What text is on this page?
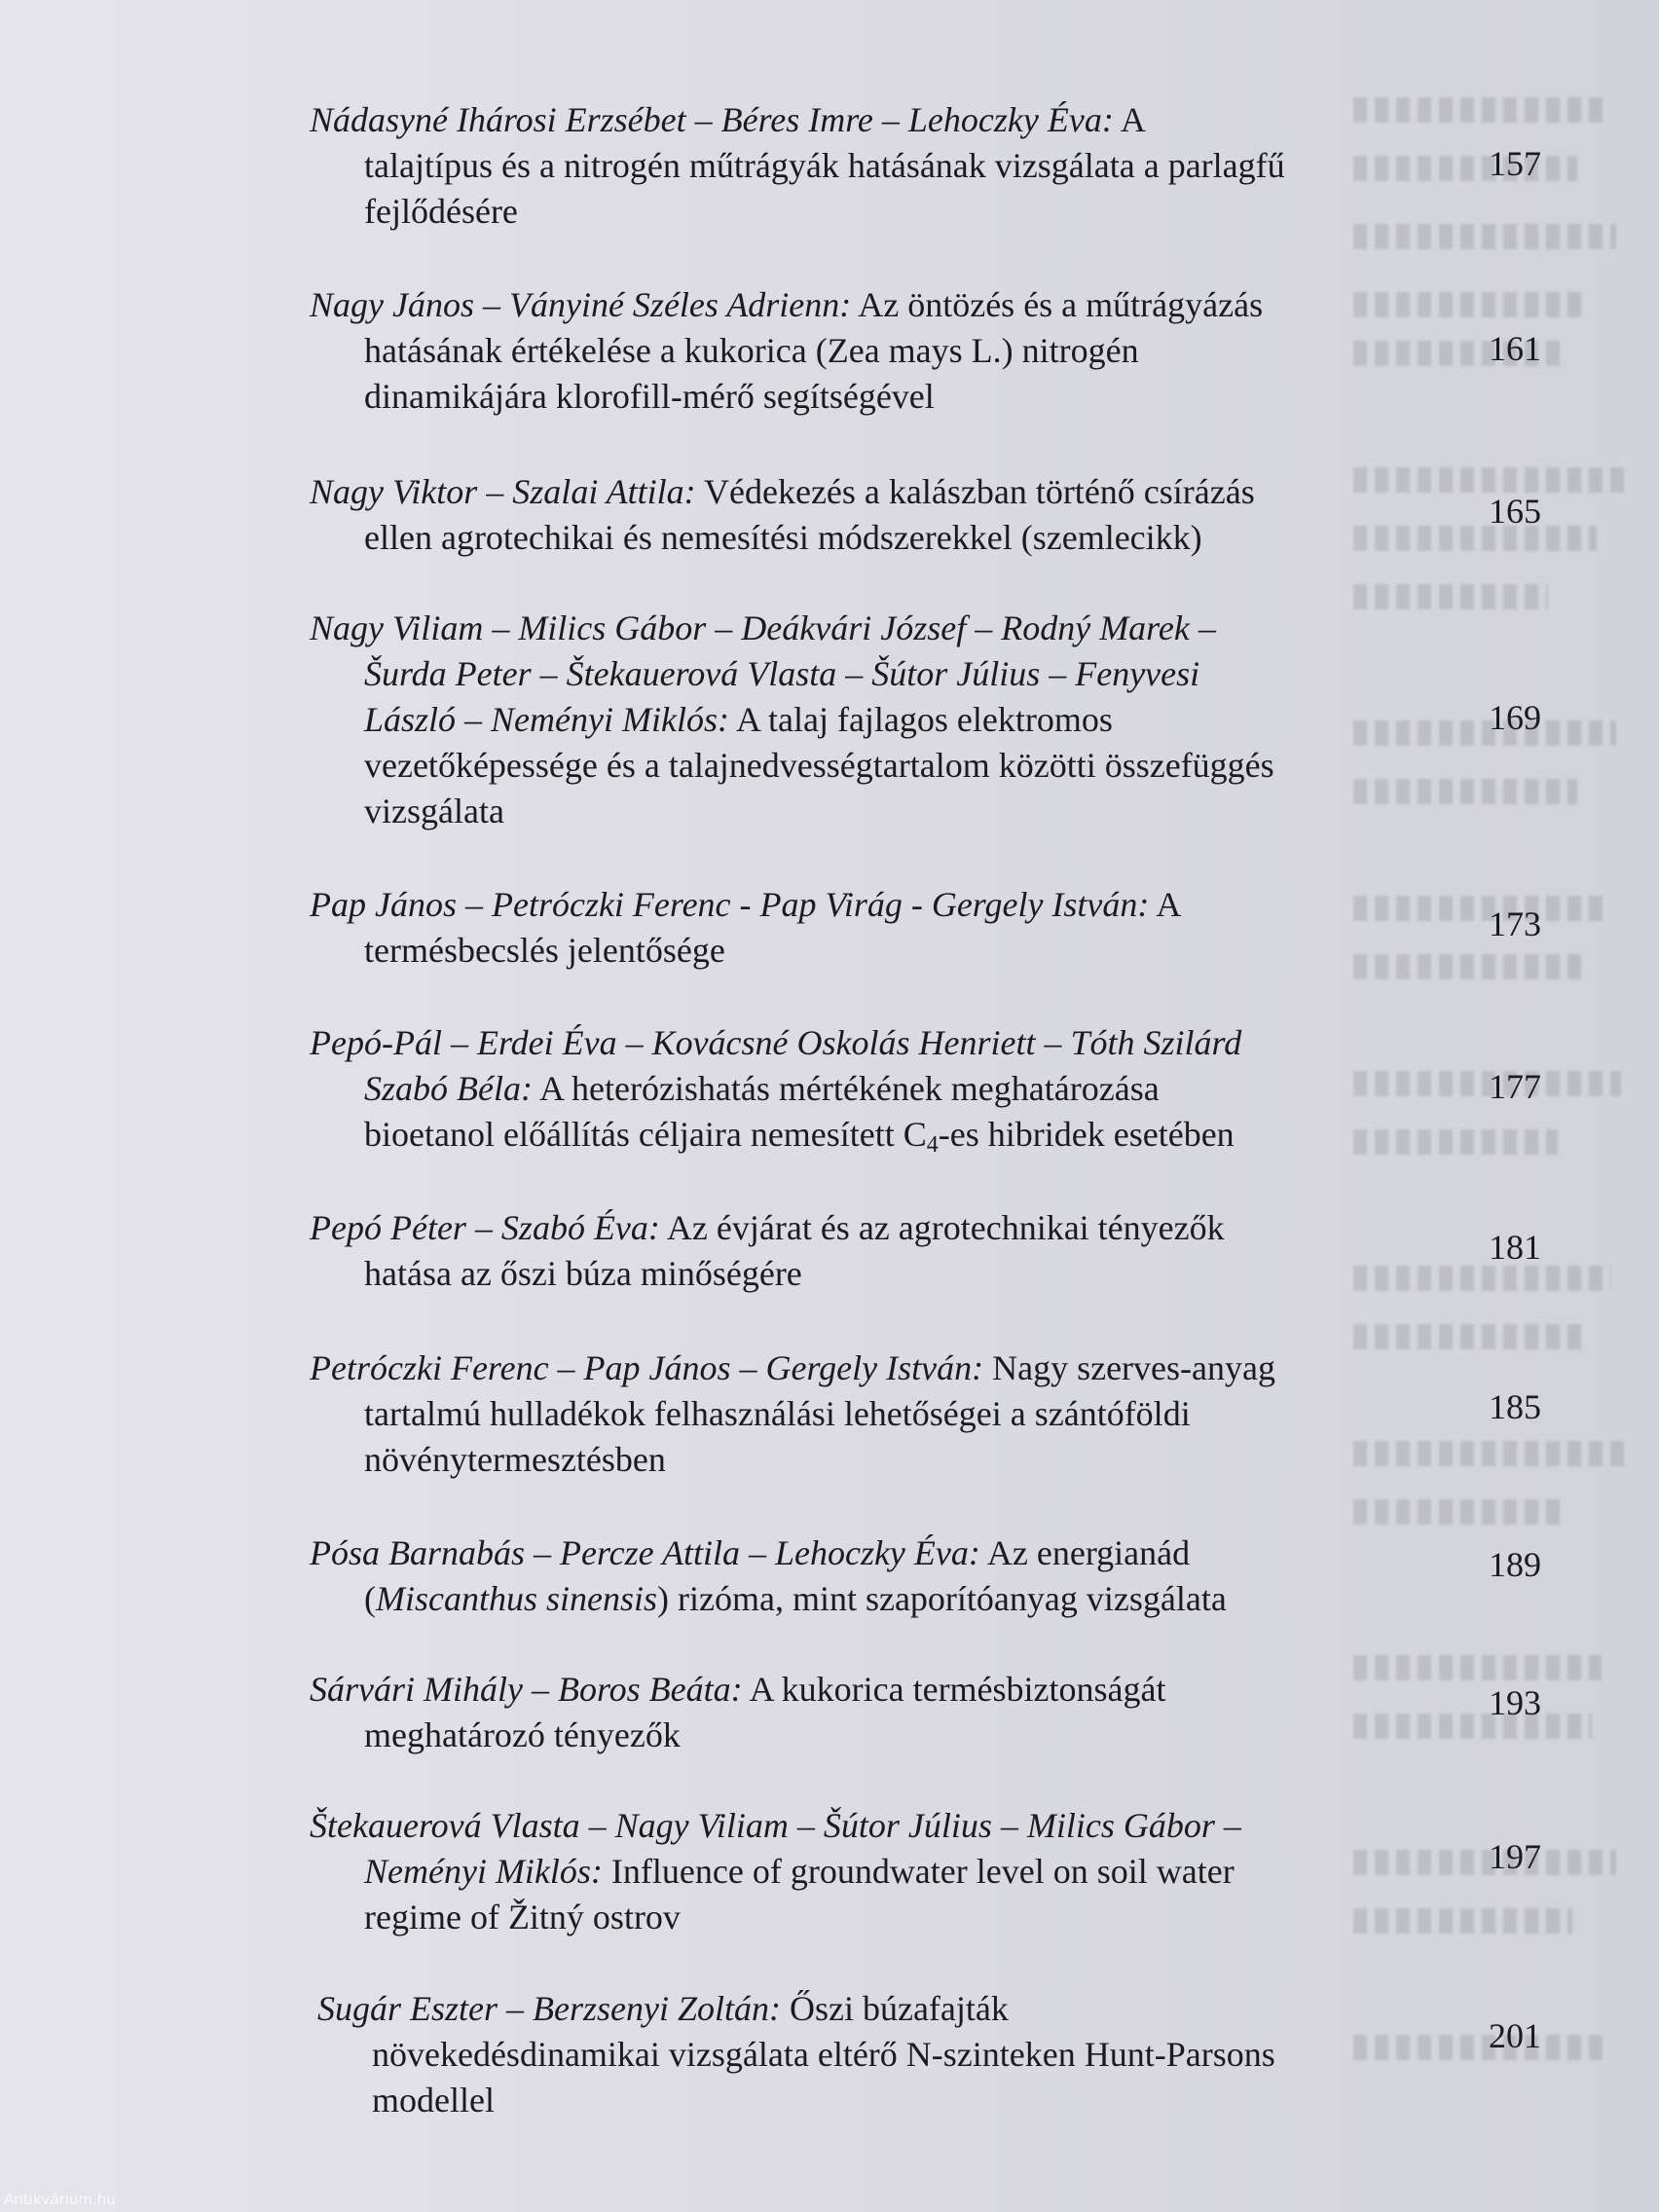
Nádasyné Ihárosi Erzsébet – Béres Imre – Lehoczky Éva: A
talajtípus és a nitrogén műtrágyák hatásának vizsgálata a parlagfű
fejlődésére
157
Nagy János – Ványiné Széles Adrienn: Az öntözés és a műtrágyázás
hatásának értékelése a kukorica (Zea mays L.) nitrogén
dinamikájára klorofill-mérő segítségével
161
Nagy Viktor – Szalai Attila: Védekezés a kalászban történő csírázás
ellen agrotechikai és nemesítési módszerekkel (szemlecikk)
165
Nagy Viliam – Milics Gábor – Deákvári József – Rodný Marek –
Šurda Peter – Štekauerová Vlasta – Šútor Július – Fenyvesi
László – Neményi Miklós: A talaj fajlagos elektromos
vezetőképessége és a talajnedvességtartalom közötti összefüggés
vizsgálata
169
Pap János – Petróczki Ferenc - Pap Virág - Gergely István: A
termésbecslés jelentősége
173
Pepó-Pál – Erdei Éva – Kovácsné Oskolás Henriett – Tóth Szilárd
Szabó Béla: A heterózishatás mértékének meghatározása
bioetanol előállítás céljaira nemesített $C_4-es$ hibridek esetében
177
Pepó Péter – Szabó Éva: Az évjárat és az agrotechnikai tényezők
hatása az őszi búza minőségére
181
Petróczki Ferenc – Pap János – Gergely István: Nagy szerves-anyag
tartalmú hulladékok felhasználási lehetőségei a szántóföldi
növénytermesztésben
185
Pósa Barnabás – Percze Attila – Lehoczky Éva: Az energianád
(Miscanthus sinensis) rizóma, mint szaporítóanyag vizsgálata
189
Sárvári Mihály – Boros Beáta: A kukorica termésbiztonságát
meghatározó tényezők
193
Štekauerová Vlasta – Nagy Viliam – Šútor Július – Milics Gábor –
Neményi Miklós: Influence of groundwater level on soil water
regime of Žitný ostrov
197
Sugár Eszter – Berzsenyi Zoltán: Őszi búzafajták
növekedésdinamikai vizsgálata eltérő N-szinteken Hunt-Parsons
modellel
201
Antikvárium.hu
